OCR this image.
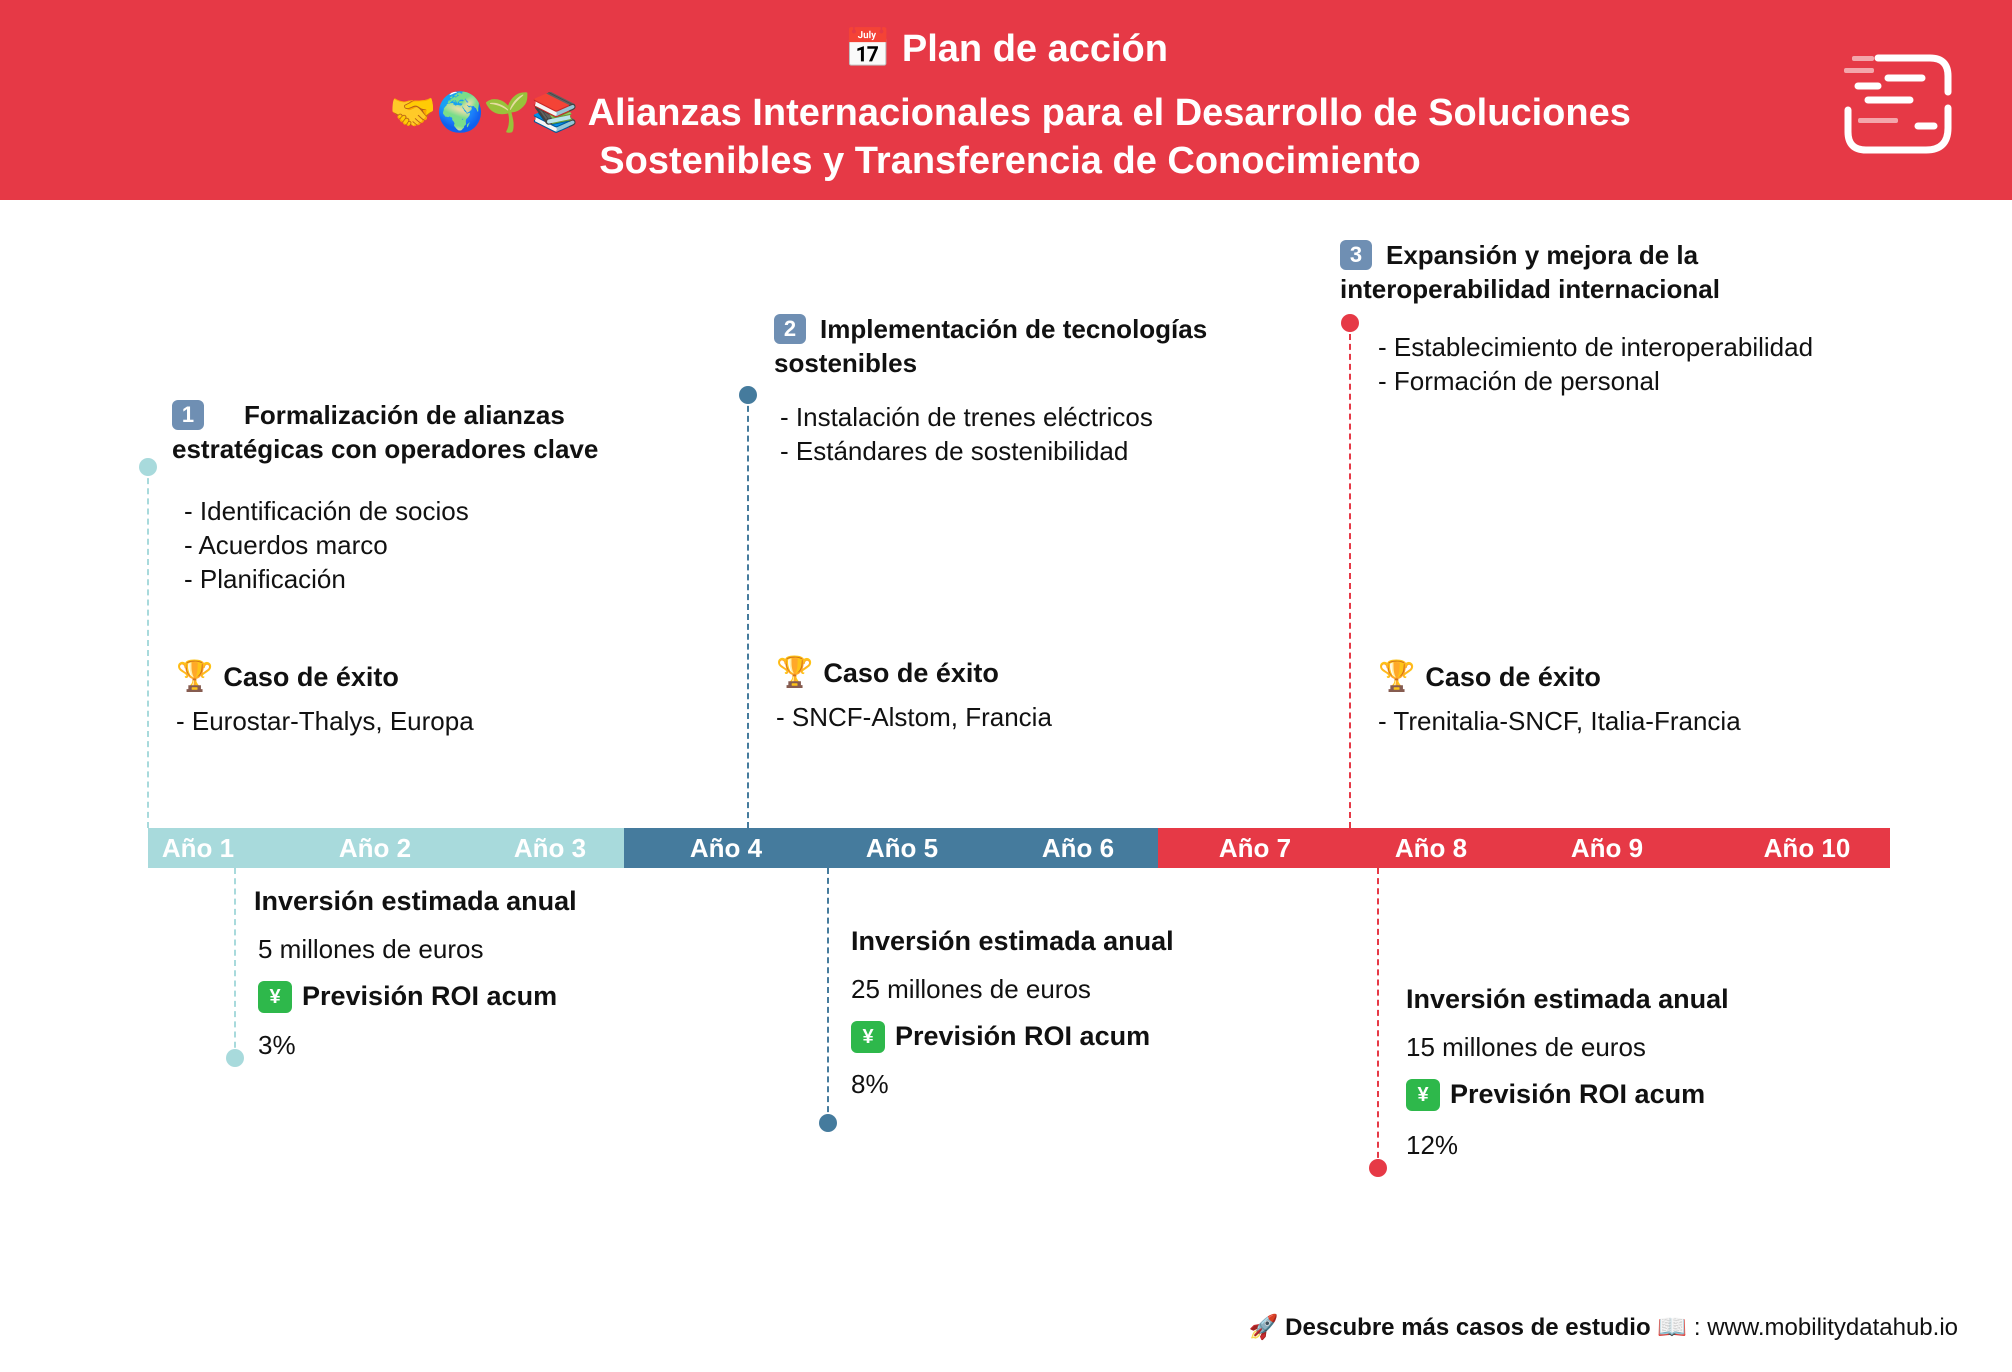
📅 Plan de acción
🤝🌍🌱📚 Alianzas Internacionales para el Desarrollo de Soluciones
Sostenibles y Transferencia de Conocimiento
1 Formalización de alianzas
estratégicas con operadores clave
- Identificación de socios
- Acuerdos marco
- Planificación
🏆 Caso de éxito
- Eurostar-Thalys, Europa
2 Implementación de tecnologías
sostenibles
- Instalación de trenes eléctricos
- Estándares de sostenibilidad
🏆 Caso de éxito
- SNCF-Alstom, Francia
3 Expansión y mejora de la
interoperabilidad internacional
- Establecimiento de interoperabilidad
- Formación de personal
🏆 Caso de éxito
- Trenitalia-SNCF, Italia-Francia
Año 1	Año 2	Año 3	Año 4	Año 5	Año 6	Año 7	Año 8	Año 9	Año 10
Inversión estimada anual
5 millones de euros
¥ Previsión ROI acum
3%
Inversión estimada anual
25 millones de euros
¥ Previsión ROI acum
8%
Inversión estimada anual
15 millones de euros
¥ Previsión ROI acum
12%
🚀 Descubre más casos de estudio 📖 : www.mobilitydatahub.io
